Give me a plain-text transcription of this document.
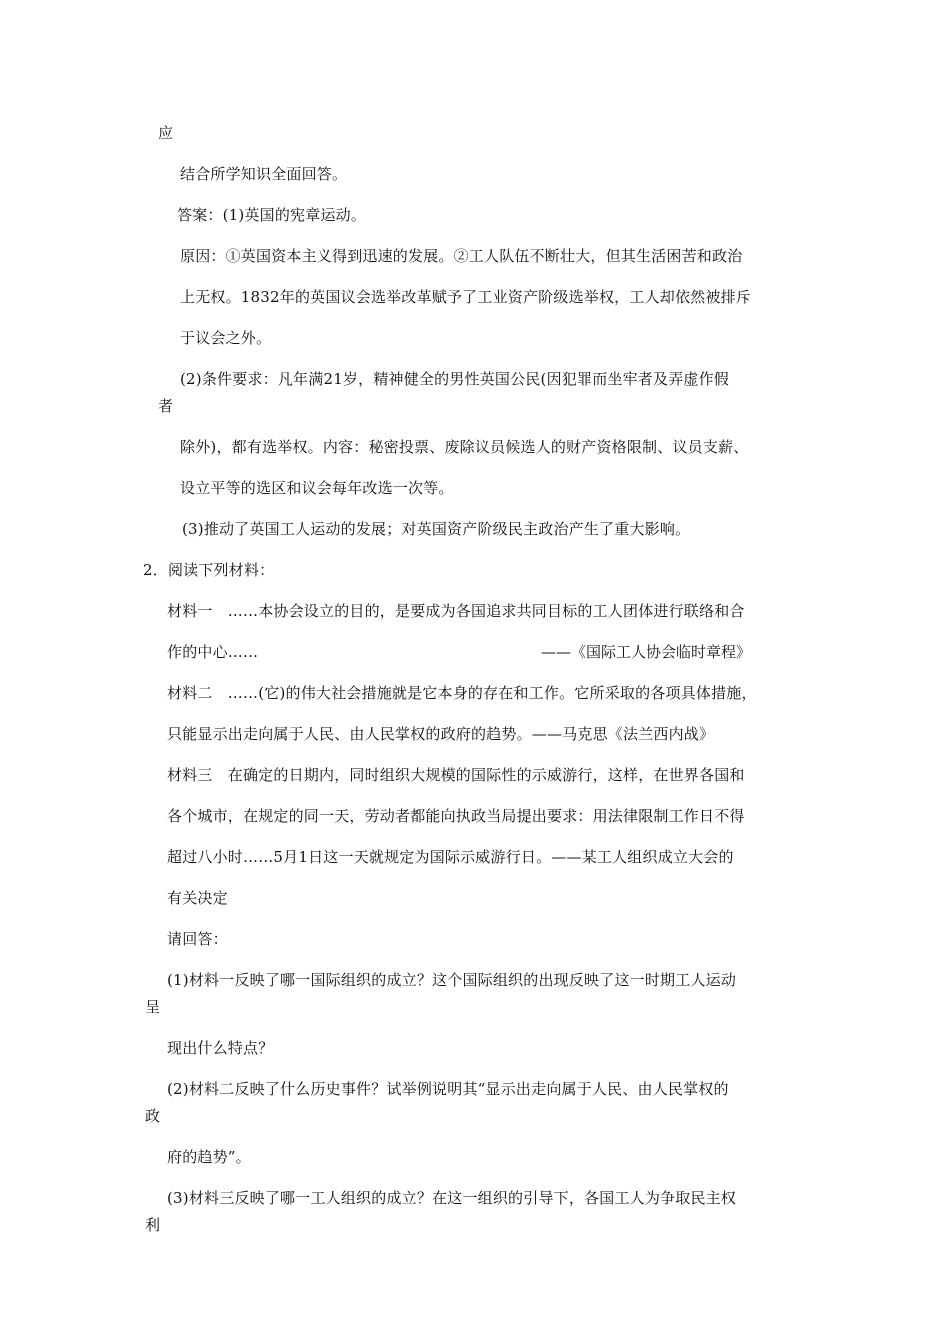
应
结合所学知识全面回答。
答案：(1)英国的宪章运动。
原因：①英国资本主义得到迅速的发展。②工人队伍不断壮大，但其生活困苦和政治
上无权。1832年的英国议会选举改革赋予了工业资产阶级选举权，工人却依然被排斥
于议会之外。
(2)条件要求：凡年满21岁，精神健全的男性英国公民(因犯罪而坐牢者及弄虚作假
者
除外)，都有选举权。内容：秘密投票、废除议员候选人的财产资格限制、议员支薪、
设立平等的选区和议会每年改选一次等。
(3)推动了英国工人运动的发展；对英国资产阶级民主政治产生了重大影响。
2．阅读下列材料：
材料一　……本协会设立的目的，是要成为各国追求共同目标的工人团体进行联络和合
作的中心……	——《国际工人协会临时章程》
材料二　……(它)的伟大社会措施就是它本身的存在和工作。它所采取的各项具体措施，
只能显示出走向属于人民、由人民掌权的政府的趋势。——马克思《法兰西内战》
材料三　在确定的日期内，同时组织大规模的国际性的示威游行，这样，在世界各国和
各个城市，在规定的同一天，劳动者都能向执政当局提出要求：用法律限制工作日不得
超过八小时……5月1日这一天就规定为国际示威游行日。——某工人组织成立大会的
有关决定
请回答：
(1)材料一反映了哪一国际组织的成立？这个国际组织的出现反映了这一时期工人运动
呈
现出什么特点？
(2)材料二反映了什么历史事件？试举例说明其“显示出走向属于人民、由人民掌权的
政
府的趋势”。
(3)材料三反映了哪一工人组织的成立？在这一组织的引导下，各国工人为争取民主权
利
